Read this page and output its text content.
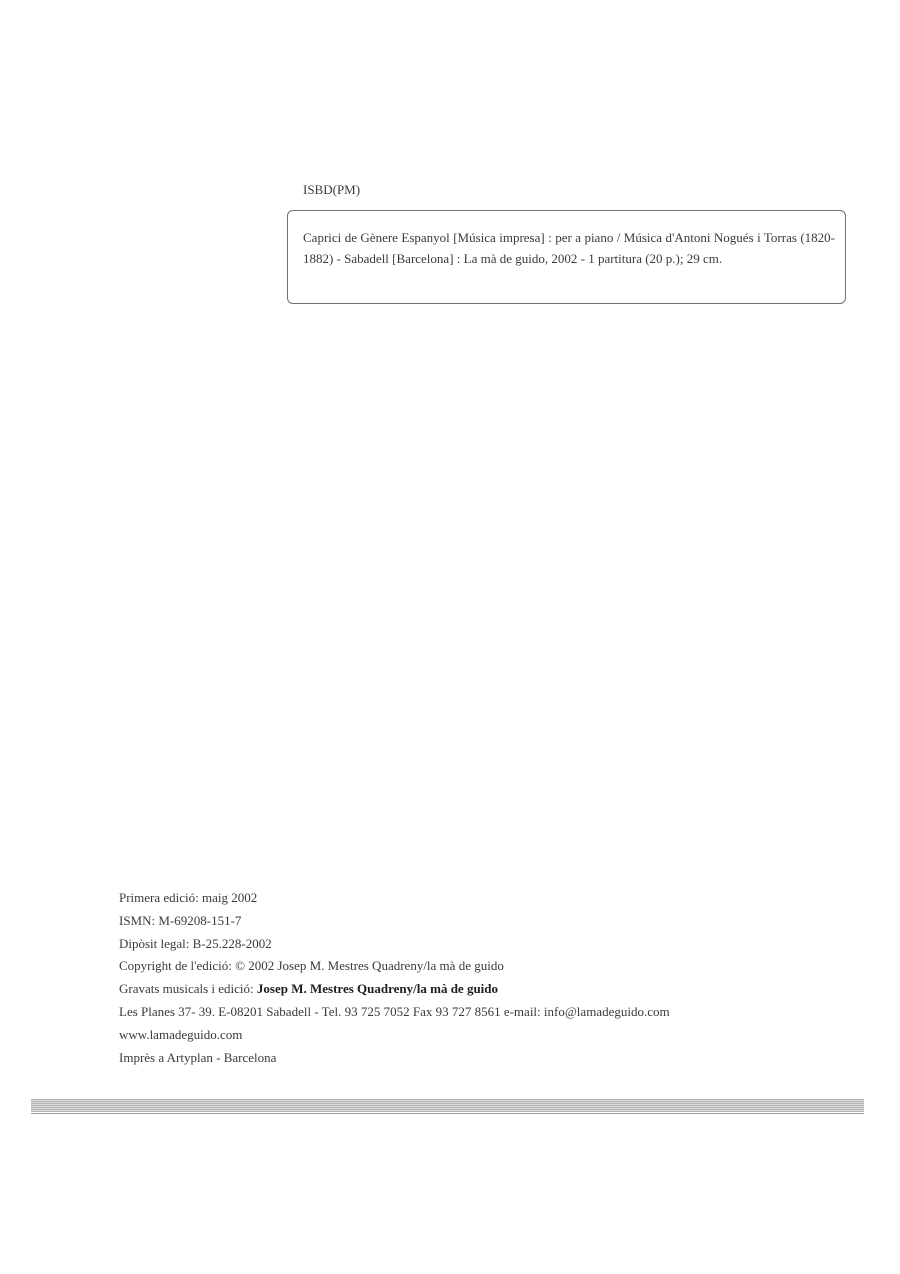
ISBD(PM)
Caprici de Gènere Espanyol [Música impresa] : per a piano / Música d'Antoni Nogués i Torras (1820-1882) - Sabadell [Barcelona] : La mà de guido, 2002 - 1 partitura (20 p.); 29 cm.
Primera edició: maig 2002
ISMN: M-69208-151-7
Dipòsit legal: B-25.228-2002
Copyright de l'edició: © 2002 Josep M. Mestres Quadreny/la mà de guido
Gravats musicals i edició: Josep M. Mestres Quadreny/la mà de guido
Les Planes 37- 39. E-08201 Sabadell - Tel. 93 725 7052 Fax 93 727 8561 e-mail: info@lamadeguido.com
www.lamadeguido.com
Imprès a Artyplan - Barcelona
